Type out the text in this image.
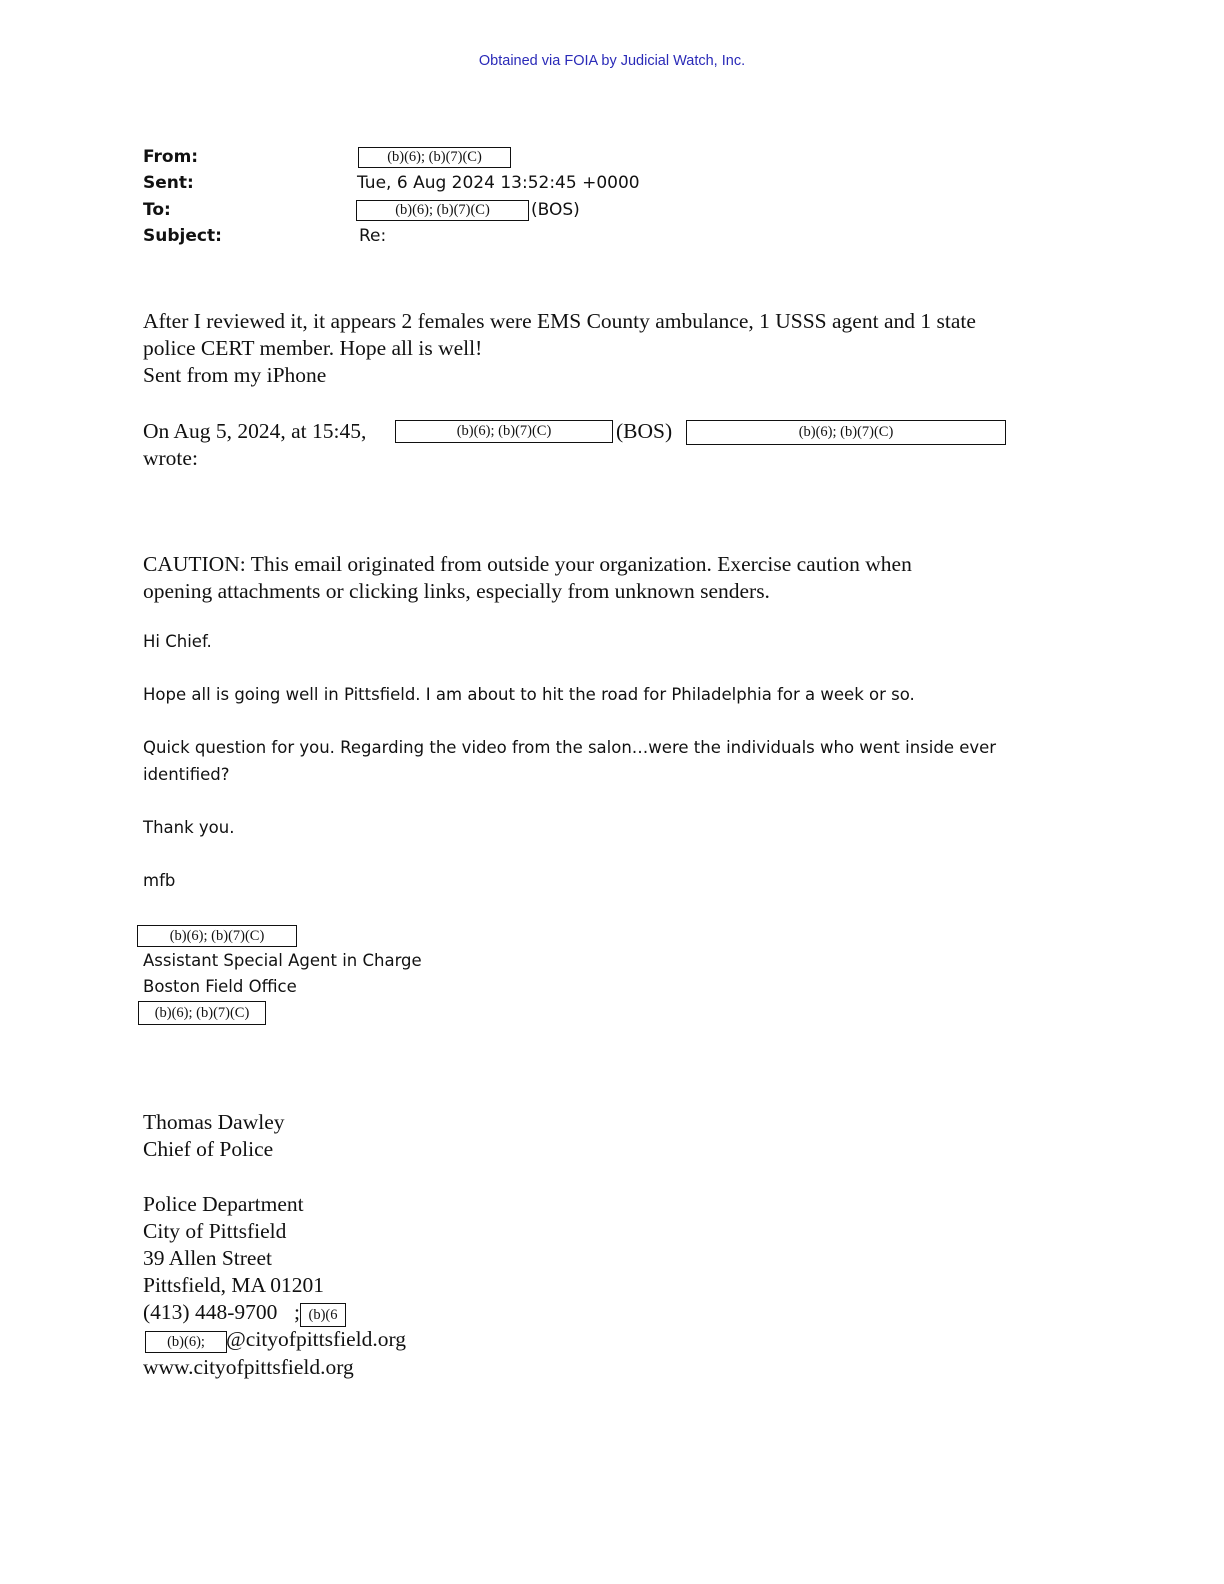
Obtained via FOIA by Judicial Watch, Inc.
From:	(b)(6); (b)(7)(C)
Sent:	Tue, 6 Aug 2024 13:52:45 +0000
To:	(b)(6); (b)(7)(C)	(BOS)
Subject:	Re:
After I reviewed it, it appears 2 females were EMS County ambulance, 1 USSS agent and 1 state
police CERT member. Hope all is well!
Sent from my iPhone
On Aug 5, 2024, at 15:45,	(b)(6); (b)(7)(C)	(BOS)	(b)(6); (b)(7)(C)
wrote:
CAUTION: This email originated from outside your organization. Exercise caution when
opening attachments or clicking links, especially from unknown senders.
Hi Chief.
Hope all is going well in Pittsfield. I am about to hit the road for Philadelphia for a week or so.
Quick question for you. Regarding the video from the salon…were the individuals who went inside ever
identified?
Thank you.
mfb
(b)(6); (b)(7)(C)
Assistant Special Agent in Charge
Boston Field Office
(b)(6); (b)(7)(C)
Thomas Dawley
Chief of Police
Police Department
City of Pittsfield
39 Allen Street
Pittsfield, MA 01201
(413) 448-9700 ; (b)(6
(b)(6); @cityofpittsfield.org
www.cityofpittsfield.org
